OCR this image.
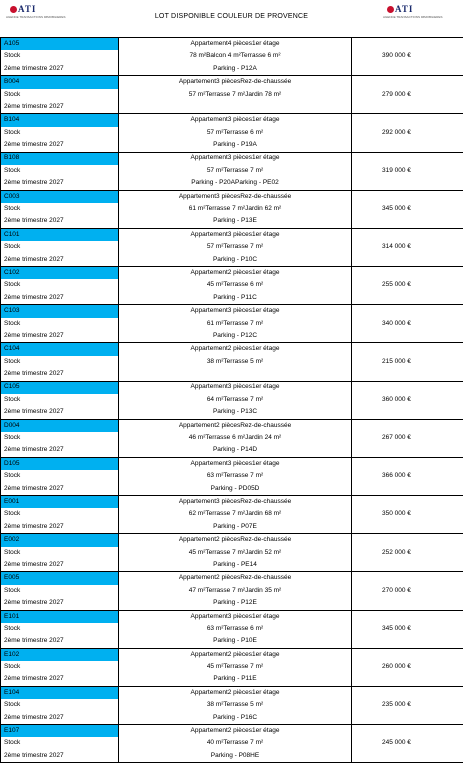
ATI
AGENCE TRANSACTIONS IMMOBILIERES	LOT DISPONIBLE COULEUR DE PROVENCE
ATI
AGENCE TRANSACTIONS IMMOBILIERES
A105	Appartement4 pièces1er étage	390 000 €
Stock	78 m²Balcon 4 m²Terrasse 6 m²	
2ème trimestre 2027	Parking - P12A	
B004	Appartement3 piècesRez-de-chaussée	279 000 €
Stock	57 m²Terrasse 7 m²Jardin 78 m²	
2ème trimestre 2027		
B104	Appartement3 pièces1er étage	292 000 €
Stock	57 m²Terrasse 6 m²	
2ème trimestre 2027	Parking - P19A	
B108	Appartement3 pièces1er étage	319 000 €
Stock	57 m²Terrasse 7 m²	
2ème trimestre 2027	Parking - P20AParking - PE02	
C003	Appartement3 piècesRez-de-chaussée	345 000 €
Stock	61 m²Terrasse 7 m²Jardin 62 m²	
2ème trimestre 2027	Parking - P13E	
C101	Appartement3 pièces1er étage	314 000 €
Stock	57 m²Terrasse 7 m²	
2ème trimestre 2027	Parking - P10C	
C102	Appartement2 pièces1er étage	255 000 €
Stock	45 m²Terrasse 6 m²	
2ème trimestre 2027	Parking - P11C	
C103	Appartement3 pièces1er étage	340 000 €
Stock	61 m²Terrasse 7 m²	
2ème trimestre 2027	Parking - P12C	
C104	Appartement2 pièces1er étage	215 000 €
Stock	38 m²Terrasse 5 m²	
2ème trimestre 2027		
C105	Appartement3 pièces1er étage	360 000 €
Stock	64 m²Terrasse 7 m²	
2ème trimestre 2027	Parking - P13C	
D004	Appartement2 piècesRez-de-chaussée	267 000 €
Stock	46 m²Terrasse 6 m²Jardin 24 m²	
2ème trimestre 2027	Parking - P14D	
D105	Appartement3 pièces1er étage	366 000 €
Stock	63 m²Terrasse 7 m²	
2ème trimestre 2027	Parking - PD05D	
E001	Appartement3 piècesRez-de-chaussée	350 000 €
Stock	62 m²Terrasse 7 m²Jardin 68 m²	
2ème trimestre 2027	Parking - P07E	
E002	Appartement2 piècesRez-de-chaussée	252 000 €
Stock	45 m²Terrasse 7 m²Jardin 52 m²	
2ème trimestre 2027	Parking - PE14	
E005	Appartement2 piècesRez-de-chaussée	270 000 €
Stock	47 m²Terrasse 7 m²Jardin 35 m²	
2ème trimestre 2027	Parking - P12E	
E101	Appartement3 pièces1er étage	345 000 €
Stock	63 m²Terrasse 6 m²	
2ème trimestre 2027	Parking - P10E	
E102	Appartement2 pièces1er étage	260 000 €
Stock	45 m²Terrasse 7 m²	
2ème trimestre 2027	Parking - P11E	
E104	Appartement2 pièces1er étage	235 000 €
Stock	38 m²Terrasse 5 m²	
2ème trimestre 2027	Parking - P16C	
E107	Appartement2 pièces1er étage	245 000 €
Stock	40 m²Terrasse 7 m²	
2ème trimestre 2027	Parking - P08HE	
